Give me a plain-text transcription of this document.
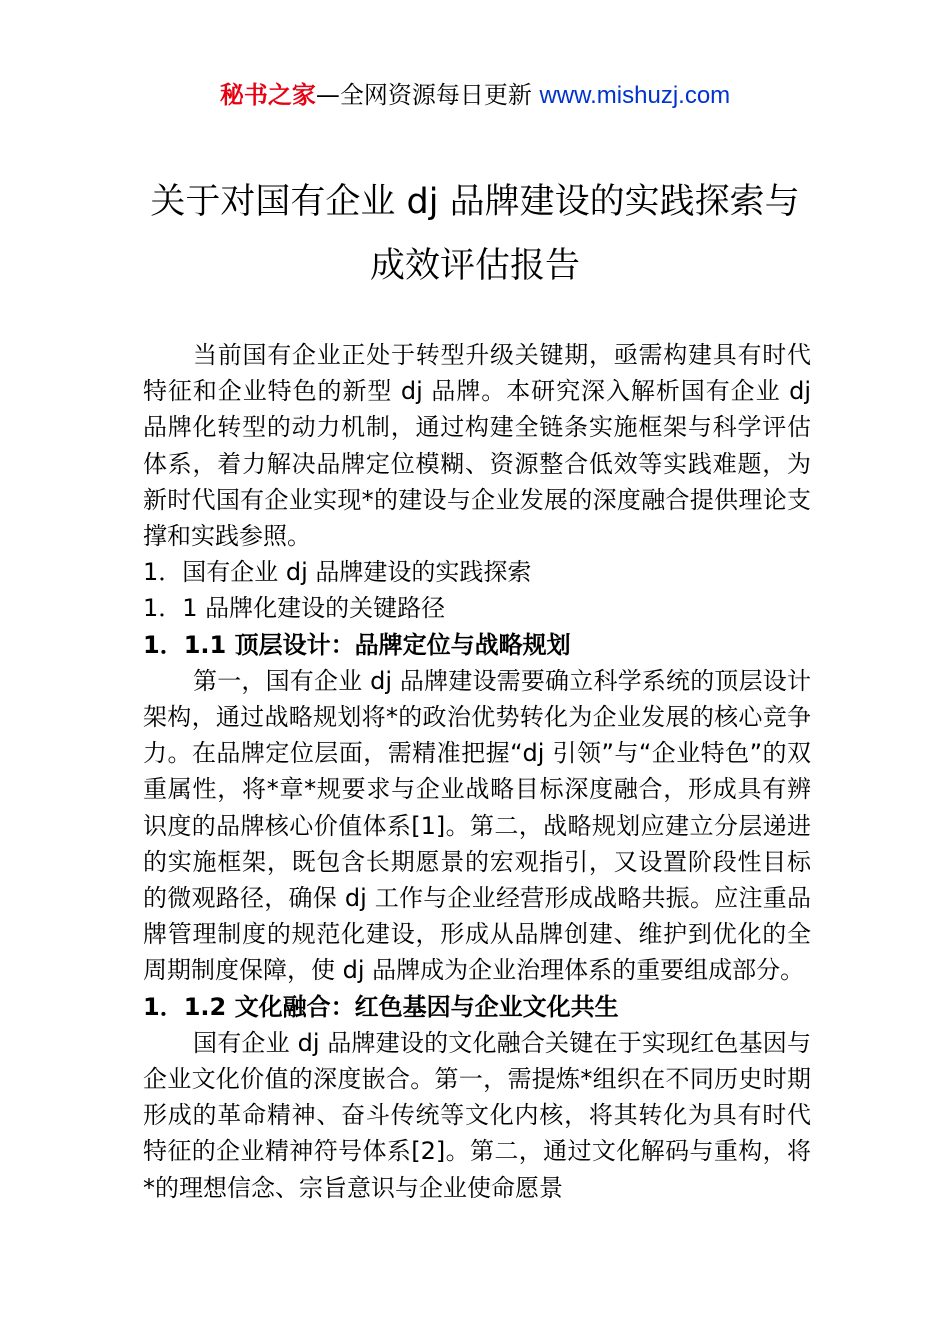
秘书之家—全网资源每日更新 www.mishuzj.com
关于对国有企业 dj 品牌建设的实践探索与
成效评估报告

当前国有企业正处于转型升级关键期，亟需构建具有时代特征和企业特色的新型 dj 品牌。本研究深入解析国有企业 dj 品牌化转型的动力机制，通过构建全链条实施框架与科学评估体系，着力解决品牌定位模糊、资源整合低效等实践难题，为新时代国有企业实现*的建设与企业发展的深度融合提供理论支撑和实践参照。

1．国有企业 dj 品牌建设的实践探索

1．1 品牌化建设的关键路径

1．1.1 顶层设计：品牌定位与战略规划

第一，国有企业 dj 品牌建设需要确立科学系统的顶层设计架构，通过战略规划将*的政治优势转化为企业发展的核心竞争力。在品牌定位层面，需精准把握“dj 引领”与“企业特色”的双重属性，将*章*规要求与企业战略目标深度融合，形成具有辨识度的品牌核心价值体系[1]。第二，战略规划应建立分层递进的实施框架，既包含长期愿景的宏观指引，又设置阶段性目标的微观路径，确保 dj 工作与企业经营形成战略共振。应注重品牌管理制度的规范化建设，形成从品牌创建、维护到优化的全周期制度保障，使 dj 品牌成为企业治理体系的重要组成部分。

1．1.2 文化融合：红色基因与企业文化共生

国有企业 dj 品牌建设的文化融合关键在于实现红色基因与企业文化价值的深度嵌合。第一，需提炼*组织在不同历史时期形成的革命精神、奋斗传统等文化内核，将其转化为具有时代特征的企业精神符号体系[2]。第二，通过文化解码与重构，将*的理想信念、宗旨意识与企业使命愿景
